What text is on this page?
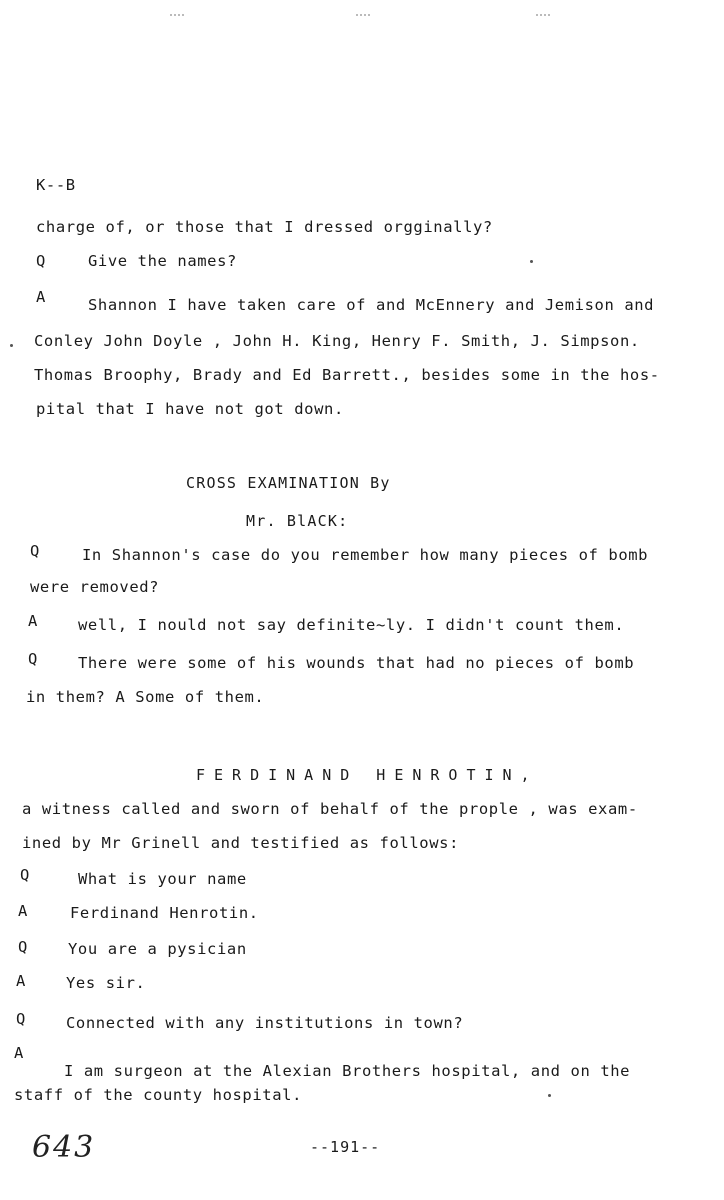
K--B
charge of, or those that I dressed orgginally?
Q	Give the names?
A	Shannon I have taken care of and McEnnery and Jemison and
Conley John Doyle , John H. King, Henry F. Smith, J. Simpson.
Thomas Broophy, Brady and Ed Barrett., besides some in the hos-
pital that I have not got down.
CROSS EXAMINATION By
Mr. BlACK:
Q	In Shannon's case do you remember how many pieces of bomb
were removed?
A	well, I nould not say definite~ly. I didn't count them.
Q	There were some of his wounds that had no pieces of bomb
in them? A Some of them.
FERDINAND HENROTIN,
a witness called and sworn of behalf of the prople , was exam-
ined by Mr Grinell and testified as follows:
Q	What is your name
A	Ferdinand Henrotin.
Q	You are a pysician
A	Yes sir.
Q	Connected with any institutions in town?
A
I am surgeon at the Alexian Brothers hospital, and on the
staff of the county hospital.
643	--191--
